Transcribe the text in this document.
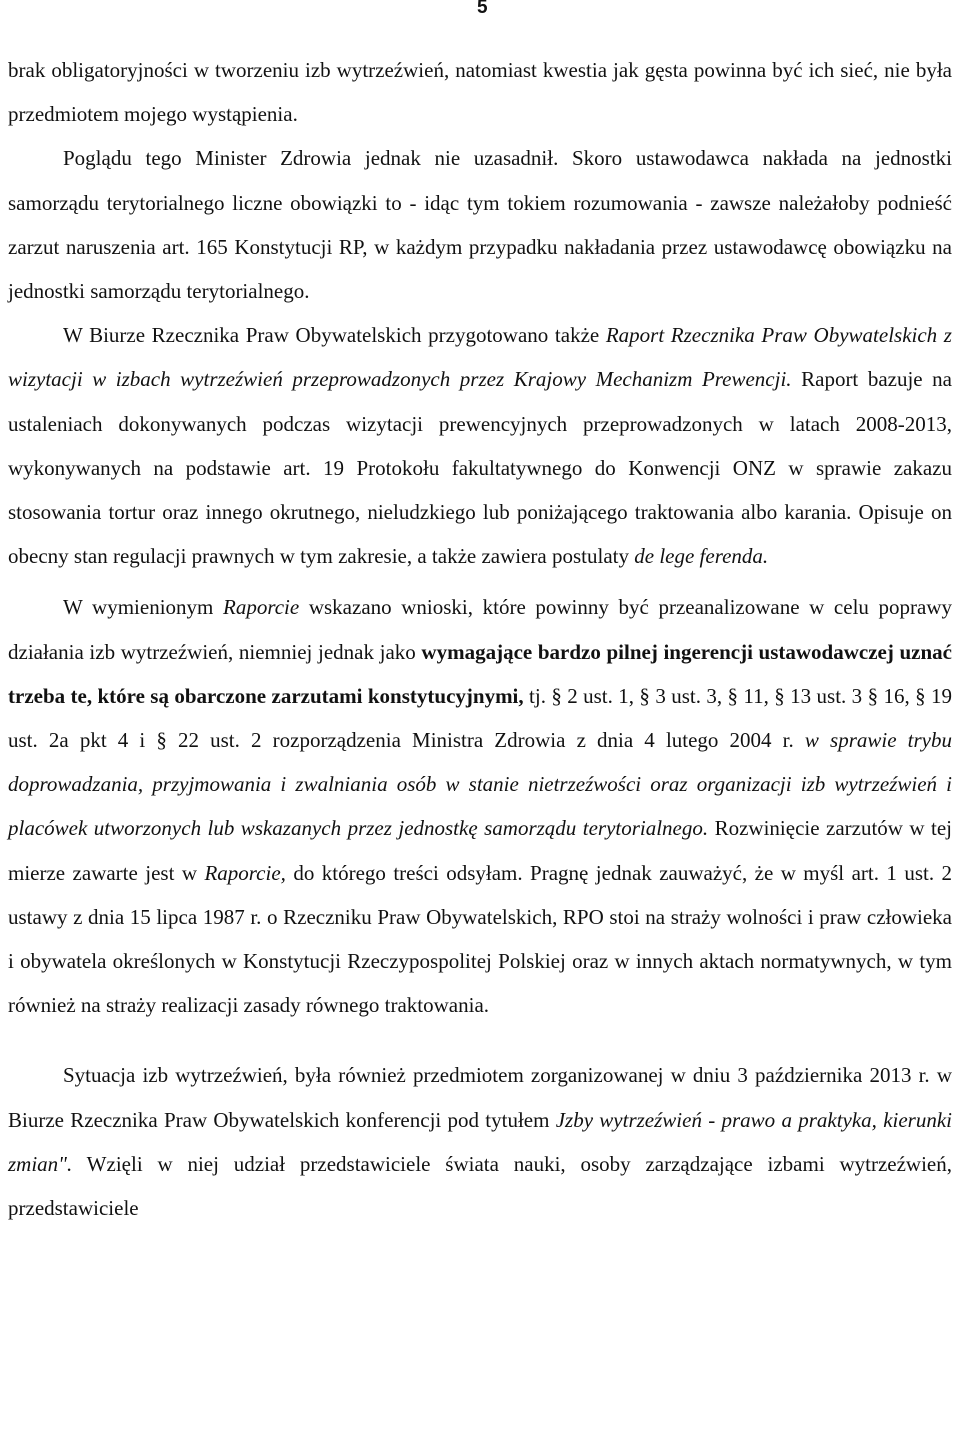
5

brak obligatoryjności w tworzeniu izb wytrzeźwień, natomiast kwestia jak gęsta powinna być ich sieć, nie była przedmiotem mojego wystąpienia.

Poglądu tego Minister Zdrowia jednak nie uzasadnił. Skoro ustawodawca nakłada na jednostki samorządu terytorialnego liczne obowiązki to - idąc tym tokiem rozumowania - zawsze należałoby podnieść zarzut naruszenia art. 165 Konstytucji RP, w każdym przypadku nakładania przez ustawodawcę obowiązku na jednostki samorządu terytorialnego.

W Biurze Rzecznika Praw Obywatelskich przygotowano także Raport Rzecznika Praw Obywatelskich z wizytacji w izbach wytrzeźwień przeprowadzonych przez Krajowy Mechanizm Prewencji. Raport bazuje na ustaleniach dokonywanych podczas wizytacji prewencyjnych przeprowadzonych w latach 2008-2013, wykonywanych na podstawie art. 19 Protokołu fakultatywnego do Konwencji ONZ w sprawie zakazu stosowania tortur oraz innego okrutnego, nieludzkiego lub poniżającego traktowania albo karania. Opisuje on obecny stan regulacji prawnych w tym zakresie, a także zawiera postulaty de lege ferenda.

W wymienionym Raporcie wskazano wnioski, które powinny być przeanalizowane w celu poprawy działania izb wytrzeźwień, niemniej jednak jako wymagające bardzo pilnej ingerencji ustawodawczej uznać trzeba te, które są obarczone zarzutami konstytucyjnymi, tj. § 2 ust. 1, § 3 ust. 3, § 11, § 13 ust. 3 § 16, § 19 ust. 2a pkt 4 i § 22 ust. 2 rozporządzenia Ministra Zdrowia z dnia 4 lutego 2004 r. w sprawie trybu doprowadzania, przyjmowania i zwalniania osób w stanie nietrzeźwości oraz organizacji izb wytrzeźwień i placówek utworzonych lub wskazanych przez jednostkę samorządu terytorialnego. Rozwinięcie zarzutów w tej mierze zawarte jest w Raporcie, do którego treści odsyłam. Pragnę jednak zauważyć, że w myśl art. 1 ust. 2 ustawy z dnia 15 lipca 1987 r. o Rzeczniku Praw Obywatelskich, RPO stoi na straży wolności i praw człowieka i obywatela określonych w Konstytucji Rzeczypospolitej Polskiej oraz w innych aktach normatywnych, w tym również na straży realizacji zasady równego traktowania.

Sytuacja izb wytrzeźwień, była również przedmiotem zorganizowanej w dniu 3 października 2013 r. w Biurze Rzecznika Praw Obywatelskich konferencji pod tytułem Jzby wytrzeźwień - prawo a praktyka, kierunki zmian". Wzięli w niej udział przedstawiciele świata nauki, osoby zarządzające izbami wytrzeźwień, przedstawiciele
